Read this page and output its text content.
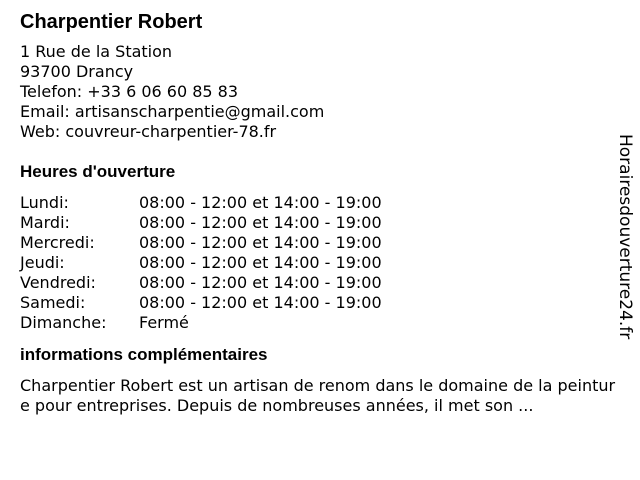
Charpentier Robert
1 Rue de la Station
93700 Drancy
Telefon: +33 6 06 60 85 83
Email: artisanscharpentie@gmail.com
Web: couvreur-charpentier-78.fr
Heures d'ouverture
Lundi:	08:00 - 12:00 et 14:00 - 19:00
Mardi:	08:00 - 12:00 et 14:00 - 19:00
Mercredi:	08:00 - 12:00 et 14:00 - 19:00
Jeudi:	08:00 - 12:00 et 14:00 - 19:00
Vendredi:	08:00 - 12:00 et 14:00 - 19:00
Samedi:	08:00 - 12:00 et 14:00 - 19:00
Dimanche:	Fermé
informations complémentaires
Charpentier Robert est un artisan de renom dans le domaine de la peinture pour entreprises. Depuis de nombreuses années, il met son ...
Horairesdouverture24.fr
